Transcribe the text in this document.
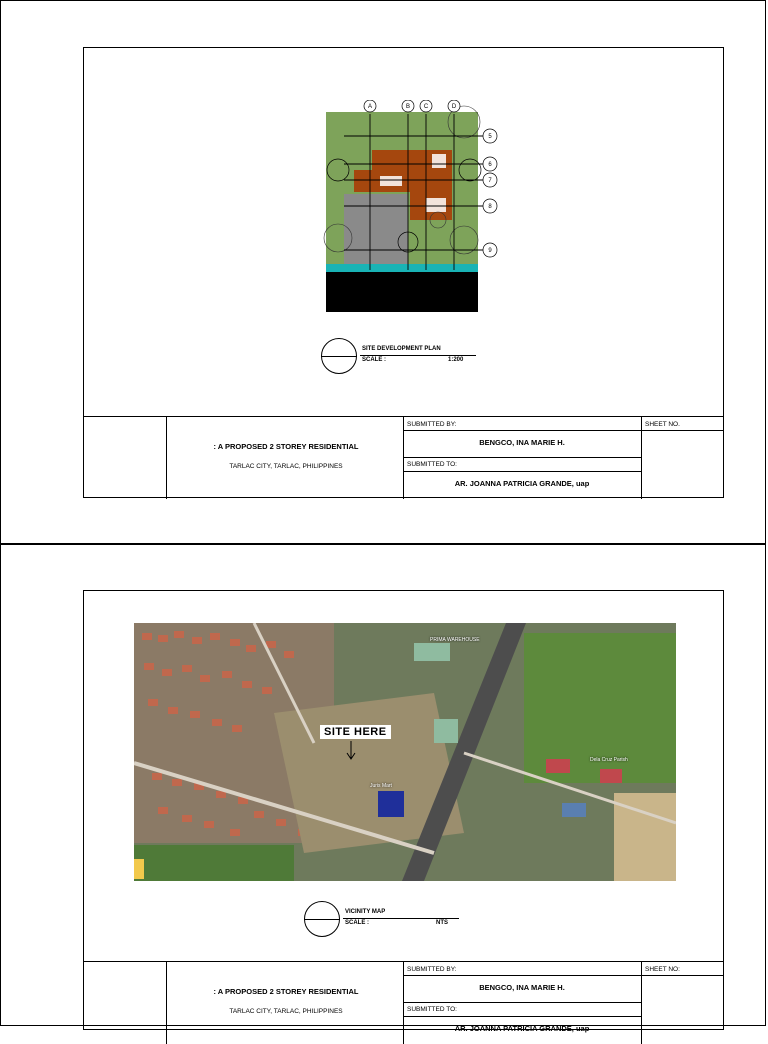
A	B C	D
5
6
7
8
9
SITE DEVELOPMENT PLAN
SCALE :	1:200
: A PROPOSED 2 STOREY RESIDENTIAL
TARLAC CITY, TARLAC, PHILIPPINES
SUBMITTED BY:
BENGCO, INA MARIE H.
SUBMITTED TO:
AR. JOANNA PATRICIA GRANDE, uap
SHEET NO.
SITE HERE
PRIMA WAREHOUSE
Dela Cruz Parish
Juris Mart
VICINITY MAP
SCALE :	NTS
: A PROPOSED 2 STOREY RESIDENTIAL
TARLAC CITY, TARLAC, PHILIPPINES
SUBMITTED BY:
BENGCO, INA MARIE H.
SUBMITTED TO:
AR. JOANNA PATRICIA GRANDE, uap
SHEET NO:
